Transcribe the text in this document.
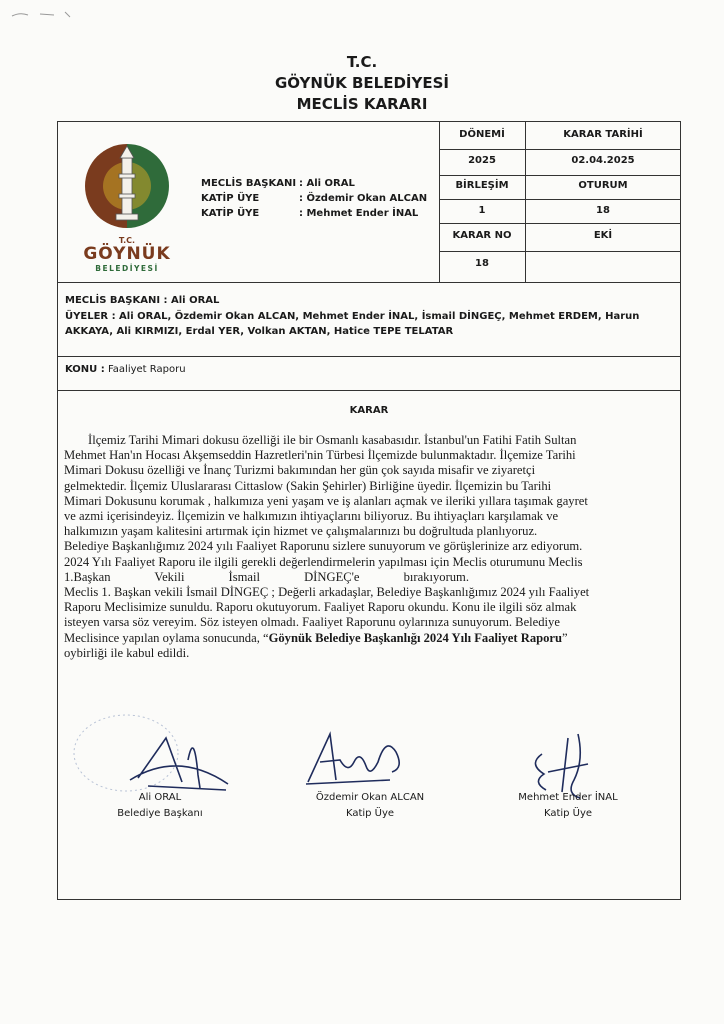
T.C.
GÖYNÜK BELEDİYESİ
MECLİS KARARI
DÖNEMİ	KARAR TARİHİ
2025	02.04.2025
BİRLEŞİM	OTURUM
1	18
KARAR NO	EKİ
18
T.C.
GÖYNÜK
BELEDİYESİ
MECLİS BAŞKANI : Ali ORAL
KATİP ÜYE	: Özdemir Okan ALCAN
KATİP ÜYE	: Mehmet Ender İNAL
MECLİS BAŞKANI : Ali ORAL
ÜYELER : Ali ORAL, Özdemir Okan ALCAN, Mehmet Ender İNAL, İsmail DİNGEÇ, Mehmet ERDEM, Harun
AKKAYA, Ali KIRMIZI, Erdal YER, Volkan AKTAN, Hatice TEPE TELATAR
KONU : Faaliyet Raporu
KARAR
İlçemiz Tarihi Mimari dokusu özelliği ile bir Osmanlı kasabasıdır. İstanbul'un Fatihi Fatih Sultan
Mehmet Han'ın Hocası Akşemseddin Hazretleri'nin Türbesi İlçemizde bulunmaktadır. İlçemize Tarihi
Mimari Dokusu özelliği ve İnanç Turizmi bakımından her gün çok sayıda misafir ve ziyaretçi
gelmektedir. İlçemiz Uluslararası Cittaslow (Sakin Şehirler) Birliğine üyedir. İlçemizin bu Tarihi
Mimari Dokusunu korumak , halkımıza yeni yaşam ve iş alanları açmak ve ileriki yıllara taşımak gayret
ve azmi içerisindeyiz. İlçemizin ve halkımızın ihtiyaçlarını biliyoruz. Bu ihtiyaçları karşılamak ve
halkımızın yaşam kalitesini artırmak için hizmet ve çalışmalarınızı bu doğrultuda planlıyoruz.
Belediye Başkanlığımız 2024 yılı Faaliyet Raporunu sizlere sunuyorum ve görüşlerinize arz ediyorum.
2024 Yılı Faaliyet Raporu ile ilgili gerekli değerlendirmelerin yapılması için Meclis oturumunu Meclis
1.Başkan              Vekili              İsmail              DİNGEÇ'e              bırakıyorum.
Meclis 1. Başkan vekili İsmail DİNGEÇ ; Değerli arkadaşlar, Belediye Başkanlığımız 2024 yılı Faaliyet
Raporu Meclisimize sunuldu. Raporu okutuyorum. Faaliyet Raporu okundu. Konu ile ilgili söz almak
isteyen varsa söz vereyim. Söz isteyen olmadı. Faaliyet Raporunu oylarınıza sunuyorum. Belediye
Meclisince yapılan oylama sonucunda, “Göynük Belediye Başkanlığı 2024 Yılı Faaliyet Raporu”
oybirliği ile kabul edildi.
Ali ORAL
Belediye Başkanı
Özdemir Okan ALCAN
Katip Üye
Mehmet Ender İNAL
Katip Üye
